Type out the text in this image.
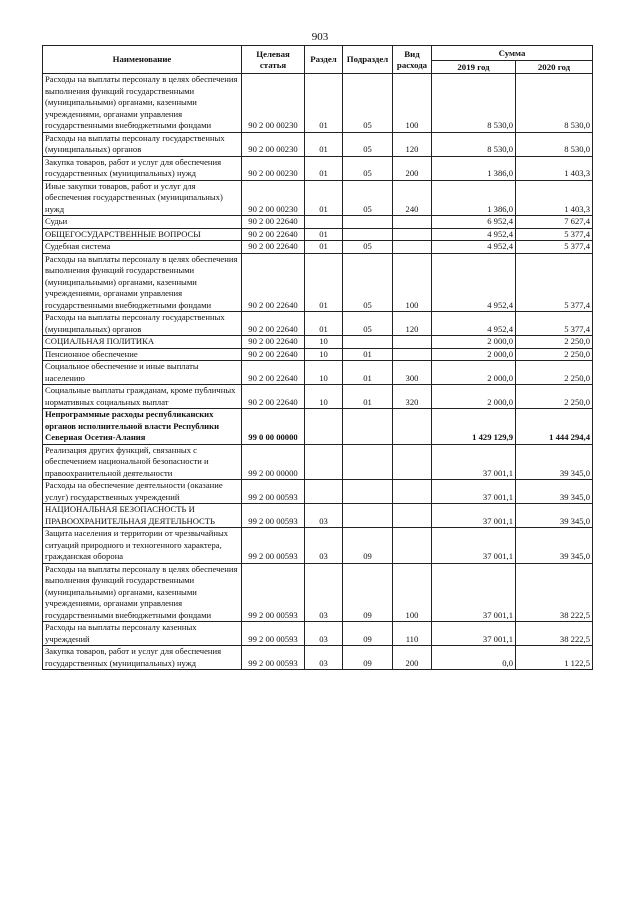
903
Наименование	Целевая статья	Раздел	Подраздел	Вид расхода	Сумма	
					2019 год	2020 год
Расходы на выплаты персоналу в целях обеспечения выполнения функций государственными (муниципальными) органами, казенными учреждениями, органами управления государственными внебюджетными фондами	90 2 00 00230	01	05	100	8 530,0	8 530,0
Расходы на выплаты персоналу государственных (муниципальных) органов	90 2 00 00230	01	05	120	8 530,0	8 530,0
Закупка товаров, работ и услуг для обеспечения государственных (муниципальных) нужд	90 2 00 00230	01	05	200	1 386,0	1 403,3
Иные закупки товаров, работ и услуг для обеспечения государственных (муниципальных) нужд	90 2 00 00230	01	05	240	1 386,0	1 403,3
Судьи	90 2 00 22640				6 952,4	7 627,4
ОБЩЕГОСУДАРСТВЕННЫЕ ВОПРОСЫ	90 2 00 22640	01			4 952,4	5 377,4
Судебная система	90 2 00 22640	01	05		4 952,4	5 377,4
Расходы на выплаты персоналу в целях обеспечения выполнения функций государственными (муниципальными) органами, казенными учреждениями, органами управления государственными внебюджетными фондами	90 2 00 22640	01	05	100	4 952,4	5 377,4
Расходы на выплаты персоналу государственных (муниципальных) органов	90 2 00 22640	01	05	120	4 952,4	5 377,4
СОЦИАЛЬНАЯ ПОЛИТИКА	90 2 00 22640	10			2 000,0	2 250,0
Пенсионное обеспечение	90 2 00 22640	10	01		2 000,0	2 250,0
Социальное обеспечение и иные выплаты населению	90 2 00 22640	10	01	300	2 000,0	2 250,0
Социальные выплаты гражданам, кроме публичных нормативных социальных выплат	90 2 00 22640	10	01	320	2 000,0	2 250,0
Непрограммные расходы республиканских органов исполнительной власти Республики Северная Осетия-Алания	99 0 00 00000				1 429 129,9	1 444 294,4
Реализация других функций, связанных с обеспечением национальной безопасности и правоохранительной деятельности	99 2 00 00000				37 001,1	39 345,0
Расходы на обеспечение деятельности (оказание услуг) государственных учреждений	99 2 00 00593				37 001,1	39 345,0
НАЦИОНАЛЬНАЯ БЕЗОПАСНОСТЬ И ПРАВООХРАНИТЕЛЬНАЯ ДЕЯТЕЛЬНОСТЬ	99 2 00 00593	03			37 001,1	39 345,0
Защита населения и территории от чрезвычайных ситуаций природного и техногенного характера, гражданская оборона	99 2 00 00593	03	09		37 001,1	39 345,0
Расходы на выплаты персоналу в целях обеспечения выполнения функций государственными (муниципальными) органами, казенными учреждениями, органами управления государственными внебюджетными фондами	99 2 00 00593	03	09	100	37 001,1	38 222,5
Расходы на выплаты персоналу казенных учреждений	99 2 00 00593	03	09	110	37 001,1	38 222,5
Закупка товаров, работ и услуг для обеспечения государственных (муниципальных) нужд	99 2 00 00593	03	09	200	0,0	1 122,5
